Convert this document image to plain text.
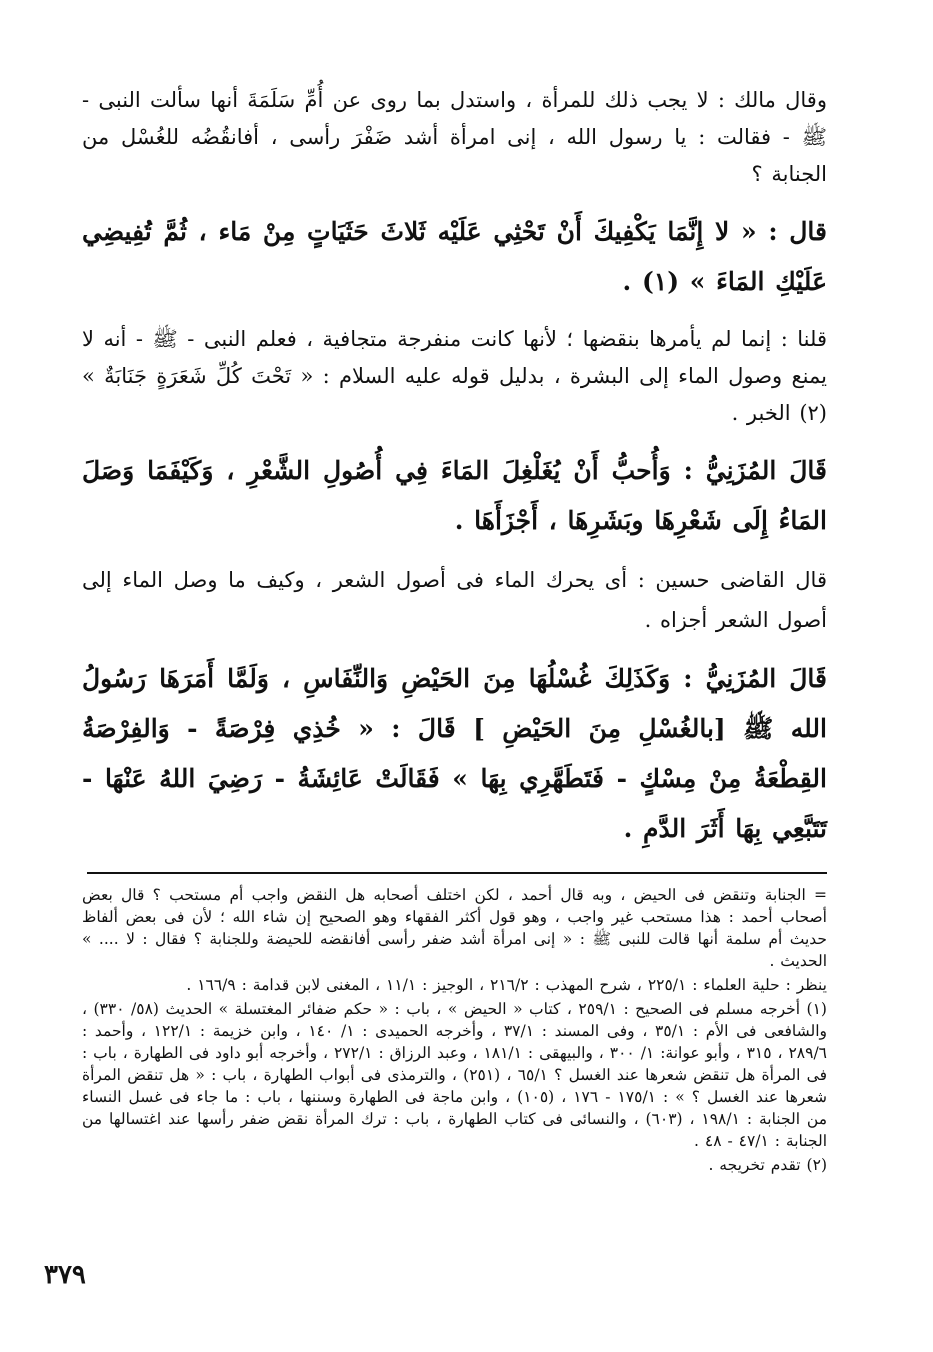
وقال مالك : لا يجب ذلك للمرأة ، واستدل بما روى عن أُمِّ سَلَمَةَ أنها سألت النبى - ﷺ - فقالت : يا رسول الله ، إنى امرأة أشد ضَفْرَ رأسى ، أفانقُضُه للغُسْل من الجنابة ؟

قال : « لا إِنَّمَا يَكْفِيكَ أَنْ تَحْثِي عَلَيْه ثَلاثَ حَثَيَاتٍ مِنْ مَاء ، ثُمَّ تُفِيضِي عَلَيْكِ المَاءَ » (١) .

قلنا : إنما لم يأمرها بنقضها ؛ لأنها كانت منفرجة متجافية ، فعلم النبى - ﷺ - أنه لا يمنع وصول الماء إلى البشرة ، بدليل قوله عليه السلام : « تَحْتَ كُلِّ شَعَرَةٍ جَنَابَةٌ » (٢) الخبر .

قَالَ المُزَنِيُّ : وَأُحبُّ أَنْ يُغَلْغِلَ المَاءَ فِي أُصُولِ الشَّعْرِ ، وَكَيْفَمَا وَصَلَ المَاءُ إِلَى شَعْرِهَا وبَشَرِهَا ، أَجْزَأَهَا .

قال القاضى حسين : أى يحرك الماء فى أصول الشعر ، وكيف ما وصل الماء إلى أصول الشعر أجزاه .

قَالَ المُزَنِيُّ : وَكَذَلِكَ غُسْلُهَا مِنَ الحَيْضِ وَالنِّفَاسِ ، وَلَمَّا أَمَرَهَا رَسُولُ الله ﷺ [بالغُسْلِ مِنَ الحَيْضِ ] قَالَ : « خُذِي فِرْصَةً - وَالفِرْصَةُ القِطْعَةُ مِنْ مِسْكٍ - فَتَطَهَّرِي بِهَا » فَقَالَتْ عَائِشَةُ - رَضِيَ اللهُ عَنْهَا - تَتَبَّعِي بِهَا أَثَرَ الدَّمِ .

= الجنابة وتنقض فى الحيض ، وبه قال أحمد ، لكن اختلف أصحابه هل النقض واجب أم مستحب ؟ قال بعض أصحاب أحمد : هذا مستحب غير واجب ، وهو قول أكثر الفقهاء وهو الصحيح إن شاء الله ؛ لأن فى بعض ألفاظ حديث أم سلمة أنها قالت للنبى ﷺ : « إنى امرأة أشد ضفر رأسى أفانقضه للحيضة وللجنابة ؟ فقال : لا .... » الحديث .

ينظر : حلية العلماء : ٢٢٥/١ ، شرح المهذب : ٢١٦/٢ ، الوجيز : ١١/١ ، المغنى لابن قدامة : ١٦٦/٩ .

(١) أخرجه مسلم فى الصحيح : ٢٥٩/١ ، كتاب « الحيض » ، باب : « حكم ضفائر المغتسلة » الحديث (٥٨/ ٣٣٠) ، والشافعى فى الأم : ٣٥/١ ، وفى المسند : ٣٧/١ ، وأخرجه الحميدى : ١/ ١٤٠ ، وابن خزيمة : ١٢٢/١ ، وأحمد : ٢٨٩/٦ ، ٣١٥ ، وأبو عوانة: ١/ ٣٠٠ ، والبيهقى : ١٨١/١ ، وعبد الرزاق : ٢٧٢/١ ، وأخرجه أبو داود فى الطهارة ، باب : فى المرأة هل تنقض شعرها عند الغسل ؟ ٦٥/١ ، (٢٥١) ، والترمذى فى أبواب الطهارة ، باب : « هل تنقض المرأة شعرها عند الغسل ؟ » : ١٧٥/١ - ١٧٦ ، (١٠٥) ، وابن ماجة فى الطهارة وسننها ، باب : ما جاء فى غسل النساء من الجنابة : ١٩٨/١ ، (٦٠٣) ، والنسائى فى كتاب الطهارة ، باب : ترك المرأة نقض ضفر رأسها عند اغتسالها من الجنابة : ٤٧/١ - ٤٨ .

(٢) تقدم تخريجه .

٣٧٩
